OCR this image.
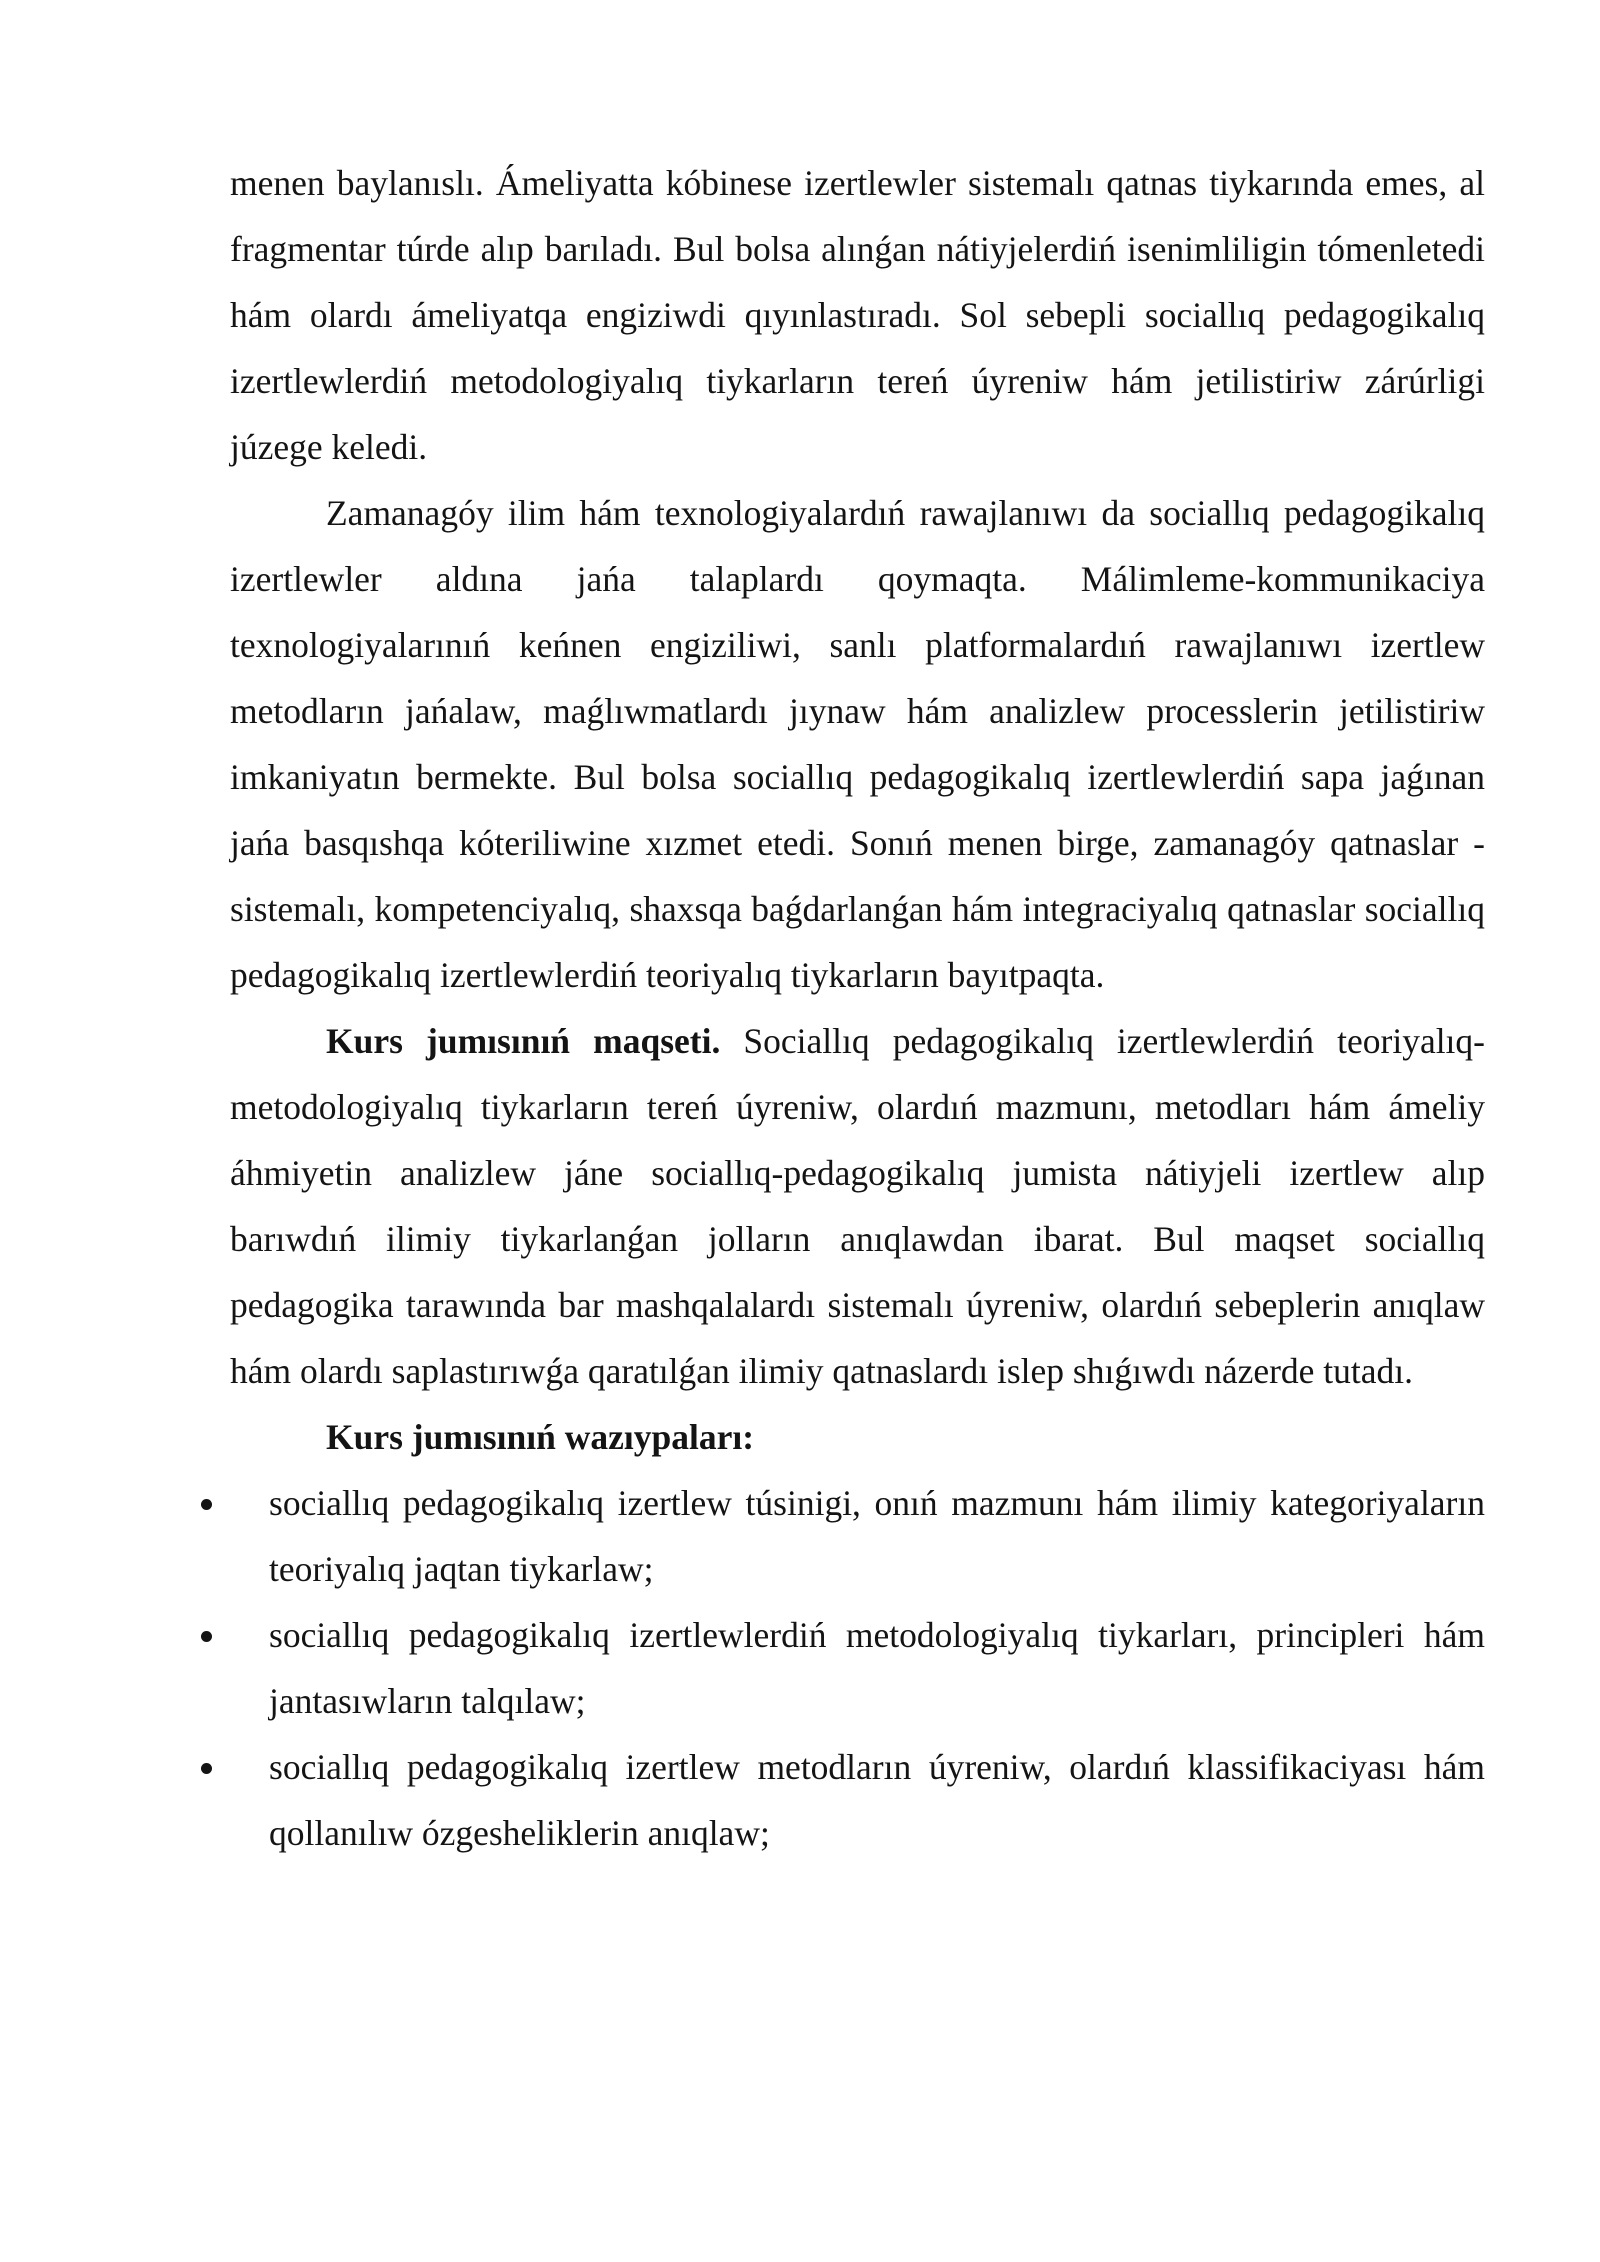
menen baylanıslı. Ámeliyatta kóbinese izertlewler sistemalı qatnas tiykarında emes, al fragmentar túrde alıp barıladı. Bul bolsa alınǵan nátiyjelerdiń isenimliligin tómenletedi hám olardı ámeliyatqa engiziwdi qıyınlastıradı. Sol sebepli sociallıq pedagogikalıq izertlewlerdiń metodologiyalıq tiykarların tereń úyreniw hám jetilistiriw zárúrligi júzege keledi.

Zamanagóy ilim hám texnologiyalardıń rawajlanıwı da sociallıq pedagogikalıq izertlewler aldına jańa talaplardı qoymaqta. Málimleme-kommunikaciya texnologiyalarınıń keńnen engiziliwi, sanlı platformalardıń rawajlanıwı izertlew metodların jańalaw, maǵlıwmatlardı jıynaw hám analizlew processlerin jetilistiriw imkaniyatın bermekte. Bul bolsa sociallıq pedagogikalıq izertlewlerdiń sapa jaǵınan jańa basqıshqa kóteriliwine xızmet etedi. Sonıń menen birge, zamanagóy qatnaslar - sistemalı, kompetenciyalıq, shaxsqa baǵdarlanǵan hám integraciyalıq qatnaslar sociallıq pedagogikalıq izertlewlerdiń teoriyalıq tiykarların bayıtpaqta.

Kurs jumısınıń maqseti. Sociallıq pedagogikalıq izertlewlerdiń teoriyalıq-metodologiyalıq tiykarların tereń úyreniw, olardıń mazmunı, metodları hám ámeliy áhmiyetin analizlew jáne sociallıq-pedagogikalıq jumista nátiyjeli izertlew alıp barıwdıń ilimiy tiykarlanǵan jolların anıqlawdan ibarat. Bul maqset sociallıq pedagogika tarawında bar mashqalalardı sistemalı úyreniw, olardıń sebeplerin anıqlaw hám olardı saplastırıwǵa qaratılǵan ilimiy qatnaslardı islep shıǵıwdı názerde tutadı.

Kurs jumısınıń wazıypaları:

sociallıq pedagogikalıq izertlew túsinigi, onıń mazmunı hám ilimiy kategoriyaların teoriyalıq jaqtan tiykarlaw;
sociallıq pedagogikalıq izertlewlerdiń metodologiyalıq tiykarları, principleri hám jantasıwların talqılaw;
sociallıq pedagogikalıq izertlew metodların úyreniw, olardıń klassifikaciyası hám qollanılıw ózgesheliklerin anıqlaw;
